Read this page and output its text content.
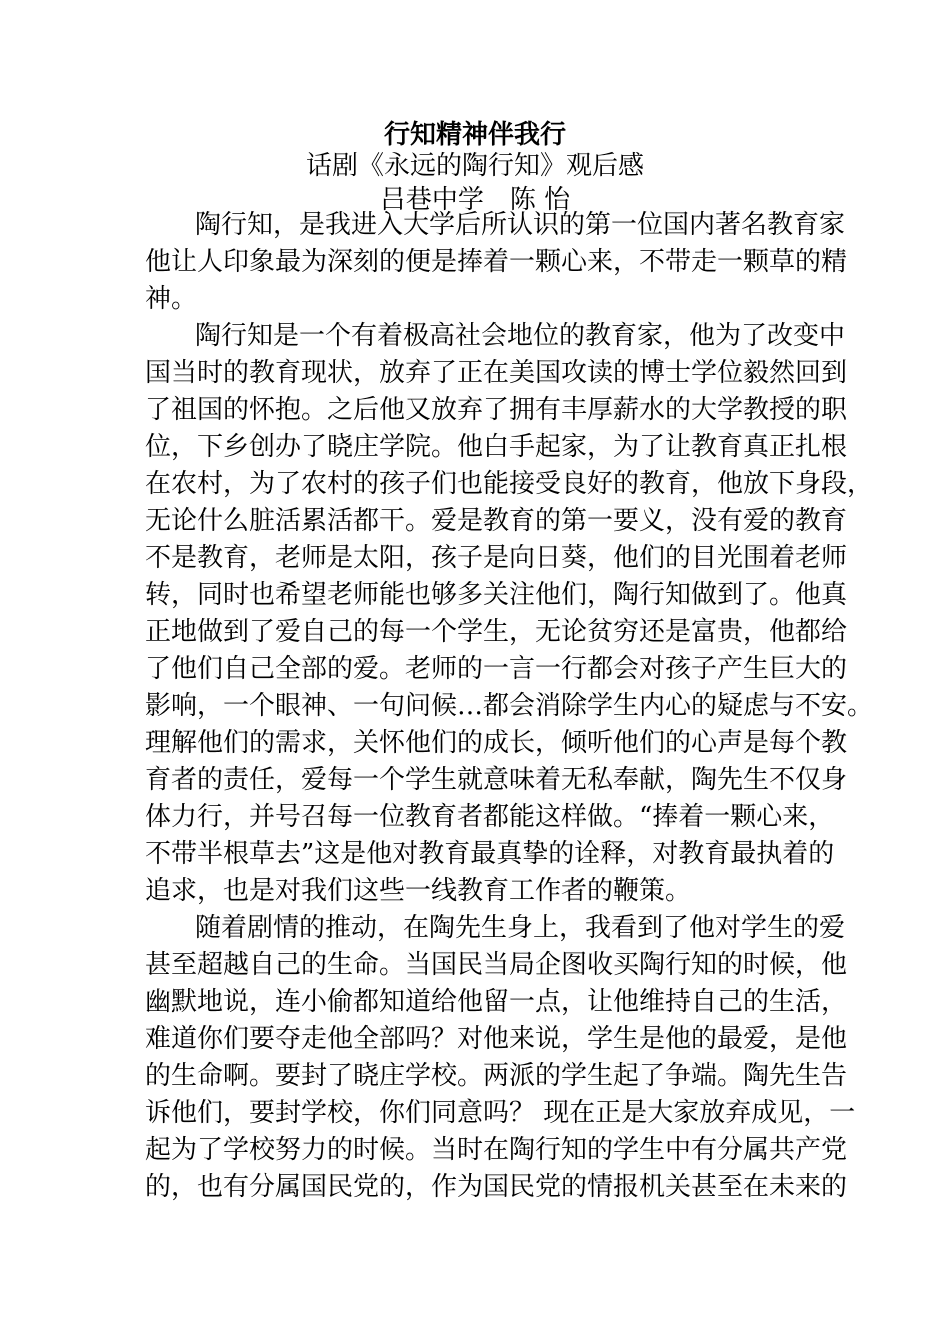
行知精神伴我行
话剧《永远的陶行知》观后感
吕巷中学　陈 怡
陶行知，是我进入大学后所认识的第一位国内著名教育家
他让人印象最为深刻的便是捧着一颗心来，不带走一颗草的精
神。
陶行知是一个有着极高社会地位的教育家，他为了改变中
国当时的教育现状，放弃了正在美国攻读的博士学位毅然回到
了祖国的怀抱。之后他又放弃了拥有丰厚薪水的大学教授的职
位，下乡创办了晓庄学院。他白手起家，为了让教育真正扎根
在农村，为了农村的孩子们也能接受良好的教育，他放下身段，
无论什么脏活累活都干。爱是教育的第一要义，没有爱的教育
不是教育，老师是太阳，孩子是向日葵，他们的目光围着老师
转，同时也希望老师能也够多关注他们，陶行知做到了。他真
正地做到了爱自己的每一个学生，无论贫穷还是富贵，他都给
了他们自己全部的爱。老师的一言一行都会对孩子产生巨大的
影响，一个眼神、一句问候…都会消除学生内心的疑虑与不安。
理解他们的需求，关怀他们的成长，倾听他们的心声是每个教
育者的责任，爱每一个学生就意味着无私奉献，陶先生不仅身
体力行，并号召每一位教育者都能这样做。“捧着一颗心来，
不带半根草去”这是他对教育最真挚的诠释，对教育最执着的
追求，也是对我们这些一线教育工作者的鞭策。
随着剧情的推动，在陶先生身上，我看到了他对学生的爱
甚至超越自己的生命。当国民当局企图收买陶行知的时候，他
幽默地说，连小偷都知道给他留一点，让他维持自己的生活，
难道你们要夺走他全部吗？对他来说，学生是他的最爱，是他
的生命啊。要封了晓庄学校。两派的学生起了争端。陶先生告
诉他们，要封学校，你们同意吗？ 现在正是大家放弃成见，一
起为了学校努力的时候。当时在陶行知的学生中有分属共产党
的，也有分属国民党的，作为国民党的情报机关甚至在未来的
